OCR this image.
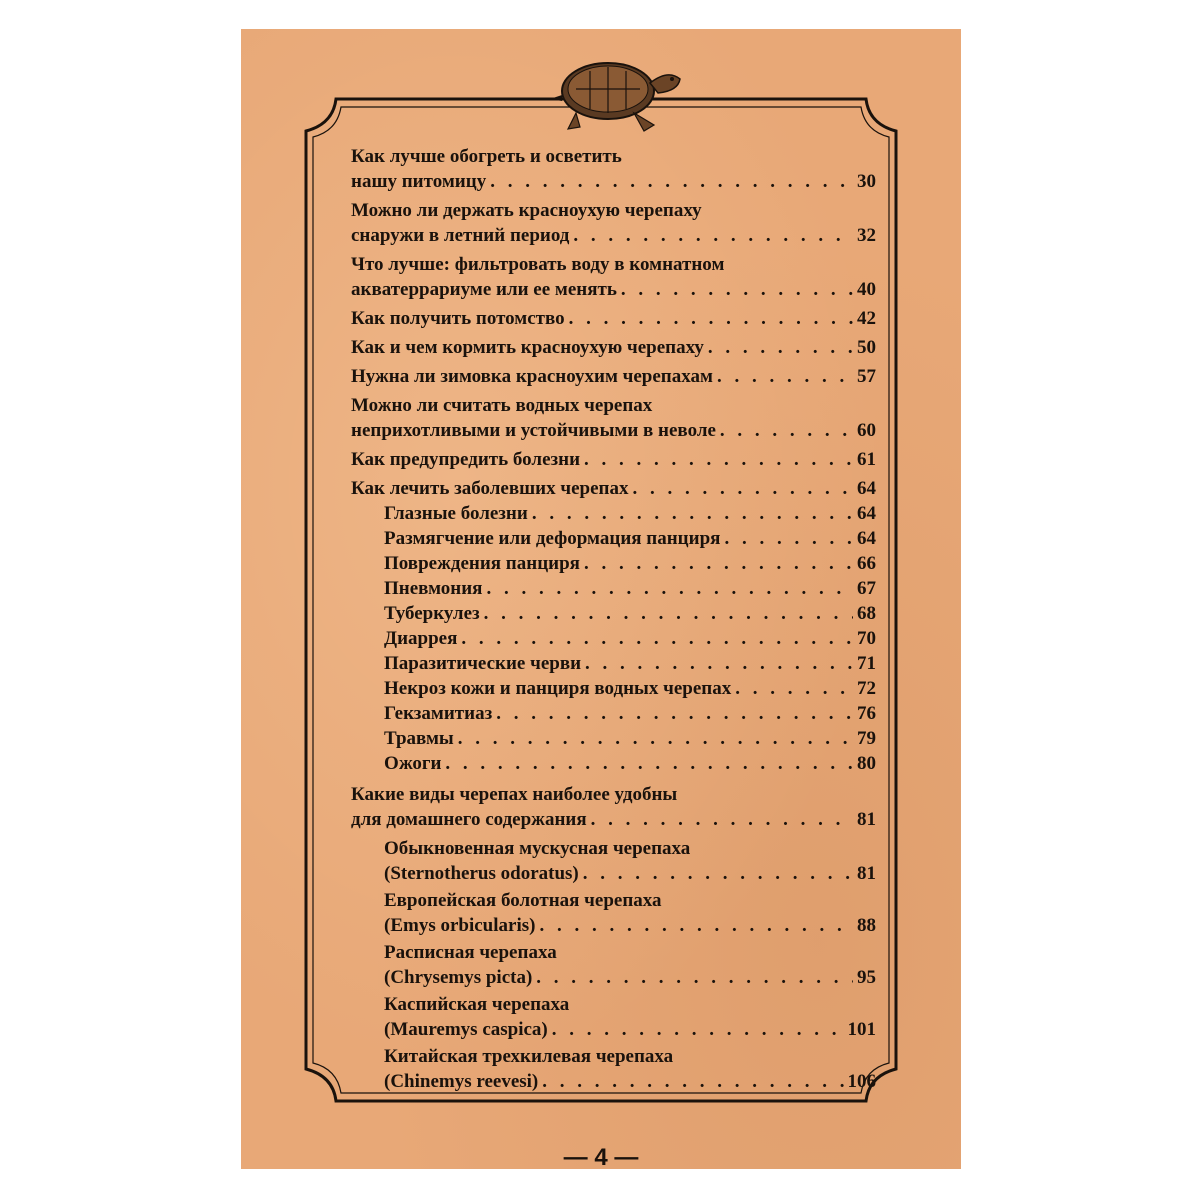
Как лучше обогреть и осветить
нашу питомицу . . .	30
Можно ли держать красноухую черепаху
снаружи в летний период . . .	32
Что лучше: фильтровать воду в комнатном
акватеррариуме или ее менять . . .	40
Как получить потомство . . .	42
Как и чем кормить красноухую черепаху . . .	50
Нужна ли зимовка красноухим черепахам . . .	57
Можно ли считать водных черепах
неприхотливыми и устойчивыми в неволе . . .	60
Как предупредить болезни . . .	61
Как лечить заболевших черепах . . .	64
Глазные болезни . . .	64
Размягчение или деформация панциря . . .	64
Повреждения панциря . . .	66
Пневмония . . .	67
Туберкулез . . .	68
Диаррея . . .	70
Паразитические черви . . .	71
Некроз кожи и панциря водных черепах . . .	72
Гекзамитиаз . . .	76
Травмы . . .	79
Ожоги . . .	80
Какие виды черепах наиболее удобны
для домашнего содержания . . .	81
Обыкновенная мускусная черепаха
(Sternotherus odoratus) . . .	81
Европейская болотная черепаха
(Emys orbicularis) . . .	88
Расписная черепаха
(Chrysemys picta) . . .	95
Каспийская черепаха
(Mauremys caspica) . . .	101
Китайская трехкилевая черепаха
(Chinemys reevesi) . . .	106
— 4 —
